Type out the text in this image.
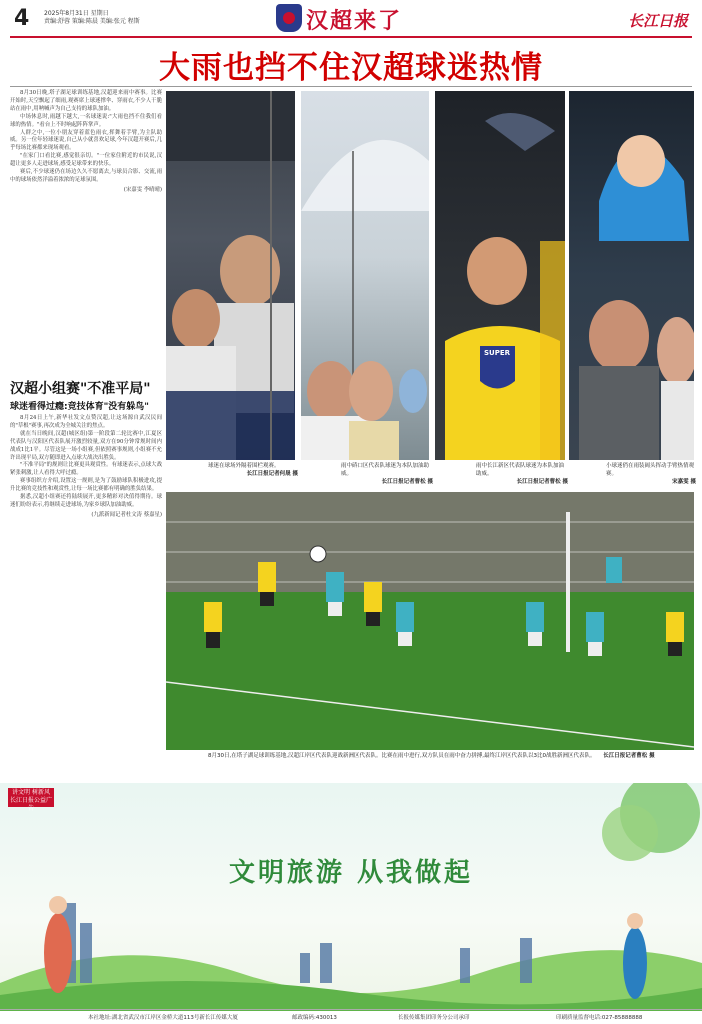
4 2025年8月31日 星期日
责编:舒蓉 策编:陈晨 美编:张元 程斯	汉超来了	长江日报
大雨也挡不住汉超球迷热情

8月30日晚,塔子湖足球训练基地,汉超迎来雨中赛事。比赛开始时,天空飘起了细雨,观赛席上球迷撑伞、穿雨衣,不少人干脆站在雨中,用呐喊声为自己支持的球队加油。

中场休息时,雨越下越大,一名球迷说:"大雨也挡不住我们看球的热情。"看台上不时响起阵阵掌声。

人群之中,一位小朋友穿着蓝色雨衣,挥舞着手臂,为主队助威。另一位年轻球迷说,自己从小就喜欢足球,今年汉超开赛后,几乎每场比赛都来现场观看。

"在家门口看比赛,感觉很亲切。"一位家住附近的市民说,汉超让更多人走进球场,感受足球带来的快乐。

赛后,不少球迷仍在场边久久不愿离去,与球员合影、交流,雨中的球场依然洋溢着浓浓的足球氛围。

(宋嘉雯 李晴晴)
汉超小组赛"不准平局"
球迷看得过瘾:竞技体育"没有躲鸟"

8月24日上午,新华社发文点赞汉超,让这场源自武汉民间的"草根"赛事,再次成为全城关注的焦点。

就在当日晚间,汉超(城区组)第一阶段第二轮比赛中,江夏区代表队与汉阳区代表队展开激烈较量,双方在90分钟常规时间内战成1比1平。尽管这是一场小组赛,但依照赛事规则,小组赛不允许出现平局,双方随即进入点球大战决出胜负。

"不准平局"的规则让比赛更具观赏性。有球迷表示,点球大战紧张刺激,让人看得大呼过瘾。

赛事组织方介绍,设置这一规则,是为了鼓励球队积极进攻,提升比赛的竞技性和观赏性,让每一场比赛都有明确的胜负结果。

据悉,汉超小组赛还将陆续展开,更多精彩对决值得期待。球迷们纷纷表示,将继续走进球场,为家乡球队加油助威。

(九派新闻记者杜文涛 蔡嘉星)
球迷在球场外隔着围栏观赛。
长江日报记者何晟 摄
雨中硚口区代表队球迷为本队加油助威。
长江日报记者曹松 摄
SUPER
雨中长江新区代表队球迷为本队加油助威。
长江日报记者曹松 摄
小球迷俏在雨装阔头挥动手臂热情观赛。
宋嘉雯 摄
8月30日,在塔子湖足球训练基地,汉超江岸区代表队迎战新洲区代表队。比赛在雨中进行,双方队员在雨中奋力拼搏,最终江岸区代表队以3比0战胜新洲区代表队。 长江日报记者曹松 摄
讲文明 树新风
长江日报公益广告
文明旅游 从我做起
本社地址:湖北省武汉市江岸区金桥大道113号新长江传媒大厦	邮政编码:430013	长报传媒集团印务分公司承印	印刷质量监督电话:027-85888888
